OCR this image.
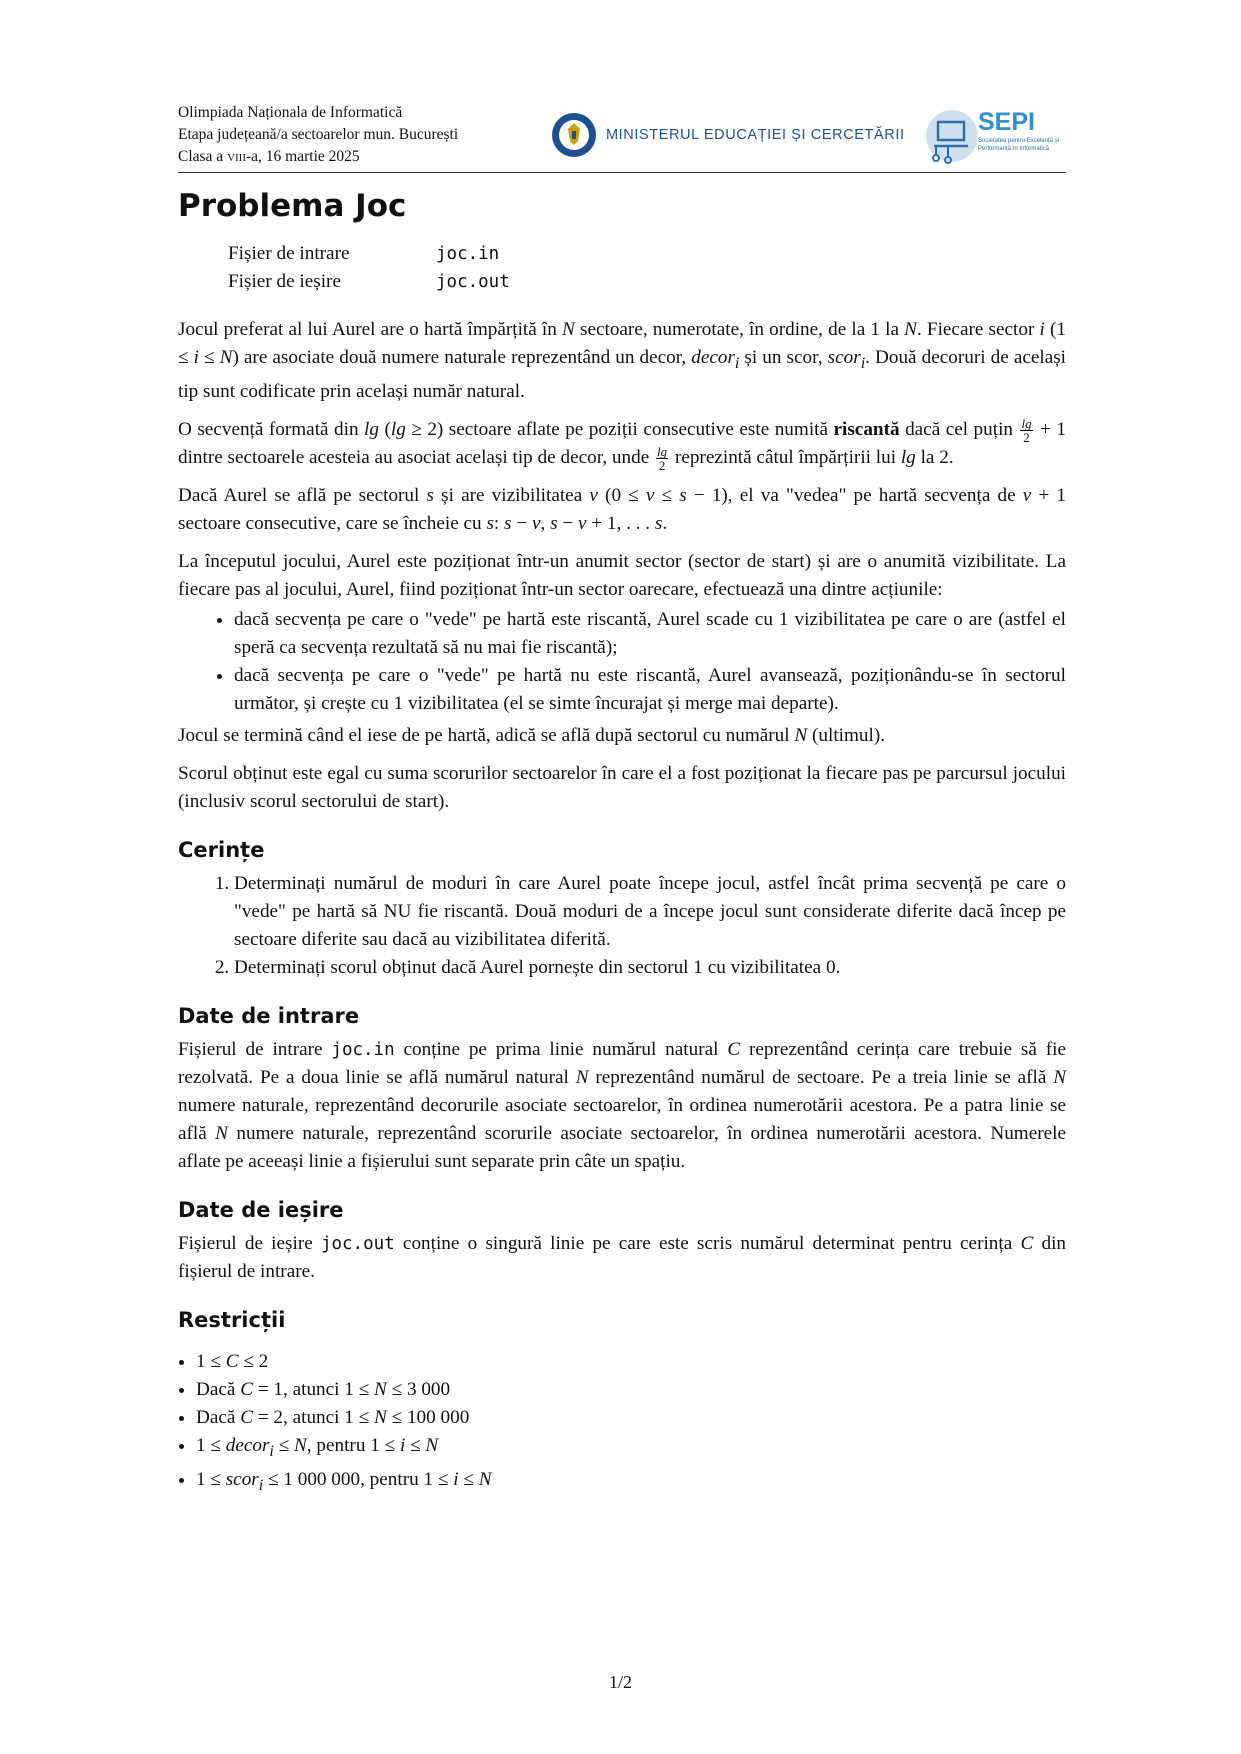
Olimpiada Naționala de Informatică
Etapa județeană/a sectoarelor mun. București
Clasa a viii-a, 16 martie 2025
MINISTERUL EDUCAȚIEI ȘI CERCETĂRII	SEPI
Societatea pentru Excelență și
Performanță în Informatică
Problema Joc
Fișier de intrare	joc.in
Fișier de ieșire	joc.out

Jocul preferat al lui Aurel are o hartă împărțită în N sectoare, numerotate, în ordine, de la 1 la N. Fiecare sector i (1 ≤ i ≤ N) are asociate două numere naturale reprezentând un decor, decor$_i$ și un scor, scor$_i$. Două decoruri de același tip sunt codificate prin același număr natural.

O secvență formată din lg (lg ≥ 2) sectoare aflate pe poziții consecutive este numită riscantă dacă cel puțin $\frac{\lg}{2} + 1$ dintre sectoarele acesteia au asociat același tip de decor, unde $\frac{\lg}{2}$ reprezintă câtul împărțirii lui lg la 2.

Dacă Aurel se află pe sectorul s și are vizibilitatea v (0 ≤ v ≤ s − 1), el va "vedea" pe hartă secvența de v + 1 sectoare consecutive, care se încheie cu s: s − v, s − v + 1, . . . s.

La începutul jocului, Aurel este poziționat într-un anumit sector (sector de start) și are o anumită vizibilitate. La fiecare pas al jocului, Aurel, fiind poziționat într-un sector oarecare, efectuează una dintre acțiunile:

• dacă secvența pe care o "vede" pe hartă este riscantă, Aurel scade cu 1 vizibilitatea pe care o are (astfel el speră ca secvența rezultată să nu mai fie riscantă);
• dacă secvența pe care o "vede" pe hartă nu este riscantă, Aurel avansează, poziționându-se în sectorul următor, și crește cu 1 vizibilitatea (el se simte încurajat și merge mai departe).

Jocul se termină când el iese de pe hartă, adică se află după sectorul cu numărul N (ultimul).

Scorul obținut este egal cu suma scorurilor sectoarelor în care el a fost poziționat la fiecare pas pe parcursul jocului (inclusiv scorul sectorului de start).

Cerințe
1. Determinați numărul de moduri în care Aurel poate începe jocul, astfel încât prima secvență pe care o "vede" pe hartă să NU fie riscantă. Două moduri de a începe jocul sunt considerate diferite dacă încep pe sectoare diferite sau dacă au vizibilitatea diferită.
2. Determinați scorul obținut dacă Aurel pornește din sectorul 1 cu vizibilitatea 0.
Date de intrare

Fișierul de intrare joc.in conține pe prima linie numărul natural C reprezentând cerința care trebuie să fie rezolvată. Pe a doua linie se află numărul natural N reprezentând numărul de sectoare. Pe a treia linie se află N numere naturale, reprezentând decorurile asociate sectoarelor, în ordinea numerotării acestora. Pe a patra linie se află N numere naturale, reprezentând scorurile asociate sectoarelor, în ordinea numerotării acestora. Numerele aflate pe aceeași linie a fișierului sunt separate prin câte un spațiu.

Date de ieșire

Fișierul de ieșire joc.out conține o singură linie pe care este scris numărul determinat pentru cerința C din fișierul de intrare.

Restricții
• 1 ≤ C ≤ 2
• Dacă C = 1, atunci 1 ≤ N ≤ 3 000
• Dacă C = 2, atunci 1 ≤ N ≤ 100 000
• 1 ≤ decor$_i$ ≤ N, pentru 1 ≤ i ≤ N
• 1 ≤ scor$_i$ ≤ 1 000 000, pentru 1 ≤ i ≤ N
1/2
